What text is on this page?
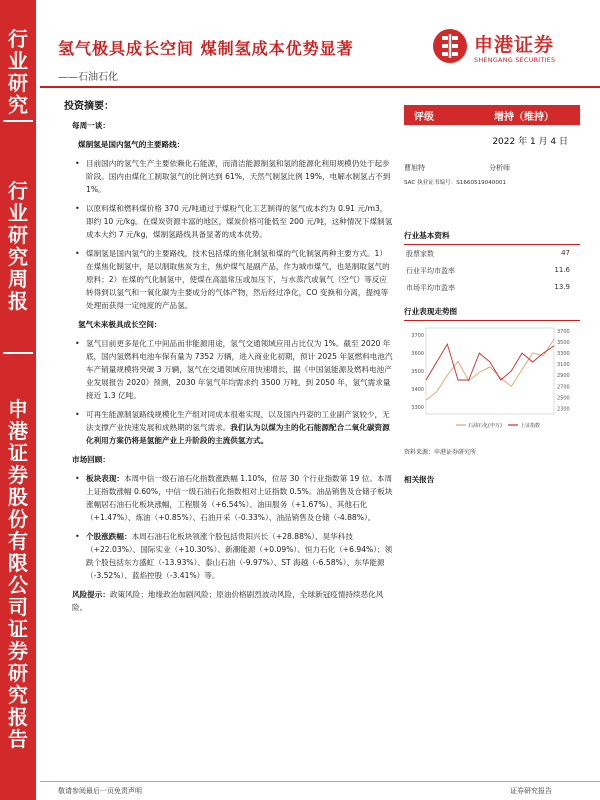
行
业
研
究
行
业
研
究
周
报
申
港
证
券
股
份
有
限
公
司
证
券
研
究
报
告
氢气极具成长空间 煤制氢成本优势显著
——石油石化
申港证券
SHENGANG SECURITIES
投资摘要：
每周一谈：
煤制氢是国内氢气的主要路线：
• 目前国内的氢气生产主要依赖化石能源，而清洁能源制氢和氢的能源化利用规模仍处于起步阶段。国内由煤化工制取氢气的比例达到 61%，天然气制氢比例 19%，电解水制氢占不到 1%。
• 以原料煤和燃料煤价格 370 元/吨通过于煤粉气化工艺制得的氢气成本约为 0.91 元/m3，即约 10 元/kg。在煤炭资源丰富的地区，煤炭价格可能低至 200 元/吨，这种情况下煤制氢成本大约 7 元/kg，煤制氢路线具备显著的成本优势。
• 煤制氢是国内氢气的主要路线，技术包括煤的焦化制氢和煤的气化制氢两种主要方式。1）在煤焦化制氢中，是以制取焦炭为主，焦炉煤气是副产品，作为城市煤气，也是制取氢气的原料；2）在煤的气化制氢中，使煤在高温常压或加压下，与水蒸汽或氧气（空气）等反应转得到以氢气和一氧化碳为主要成分的气体产物，然后经过净化，CO 变换和分离，提纯等处理而获得一定纯度的产品氢。
氢气未来极具成长空间：
• 氢气目前更多是化工中间品而非能源用途，氢气交通领域应用占比仅为 1%。截至 2020 年底，国内氢燃料电池车保有量为 7352 万辆，进入商业化初期，预计 2025 年氢燃料电池汽车产销量规模将突破 3 万辆，氢气在交通领域应用快速增长，据《中国氢能源及燃料电池产业发展报告 2020》预测，2030 年氢气年均需求约 3500 万吨，到 2050 年，氢气需求量接近 1.3 亿吨。
• 可再生能源制氢路线规模化生产组对同成本很难实现，以及国内丹姿的工业副产氢较少，无法支撑产业快速发展和成熟期的氢气需求。我们认为以煤为主的化石能源配合二氧化碳资源化利用方案仍将是氢能产业上升阶段的主流供氢方式。
市场回顾：
• 板块表现：本周中信一级石油石化指数涨跌幅 1.10%，位居 30 个行业指数第 19 位。本周上证指数涨幅 0.60%，中信一级石油石化指数相对上证指数 0.5%。油品销售及仓储子板块涨幅居石油石化板块涨幅，工程服务（+6.54%）、油田服务（+1.67%）、其他石化（+1.47%）、炼油（+0.85%）、石油开采（-0.33%）、油品销售及仓储（-4.88%）。
• 个股涨跌幅：本周石油石化板块领涨个股包括贵阳兴长（+28.88%）、昊华科技（+22.03%）、国际实业（+10.30%）、新潮能源（+0.09%）、恒力石化（+6.94%）；领跌个股包括东方盛虹（-13.93%）、泰山石油（-9.97%）、ST 海越（-6.58%）、东华能源（-3.52%）、蓝焰控股（-3.41%）等。
风险提示：政策风险；地缘政治加剧风险；原油价格剧烈波动风险，全球新冠疫情持续恶化风险。
评级	增持（维持）
2022 年 1 月 4 日
曹旭特	分析师
SAC 执业证书编号：S1660519040001
行业基本资料
股票家数	47
行业平均市盈率	11.6
市场平均市盈率	13.9
行业表现走势图
3300
3400
3500
3600
3700
2300
2500
2700
2900
3100
3300
3500
3700
石油石化(申万)	上证指数
资料来源：申港证券研究所
相关报告
敬请参阅最后一页免责声明	证券研究报告
